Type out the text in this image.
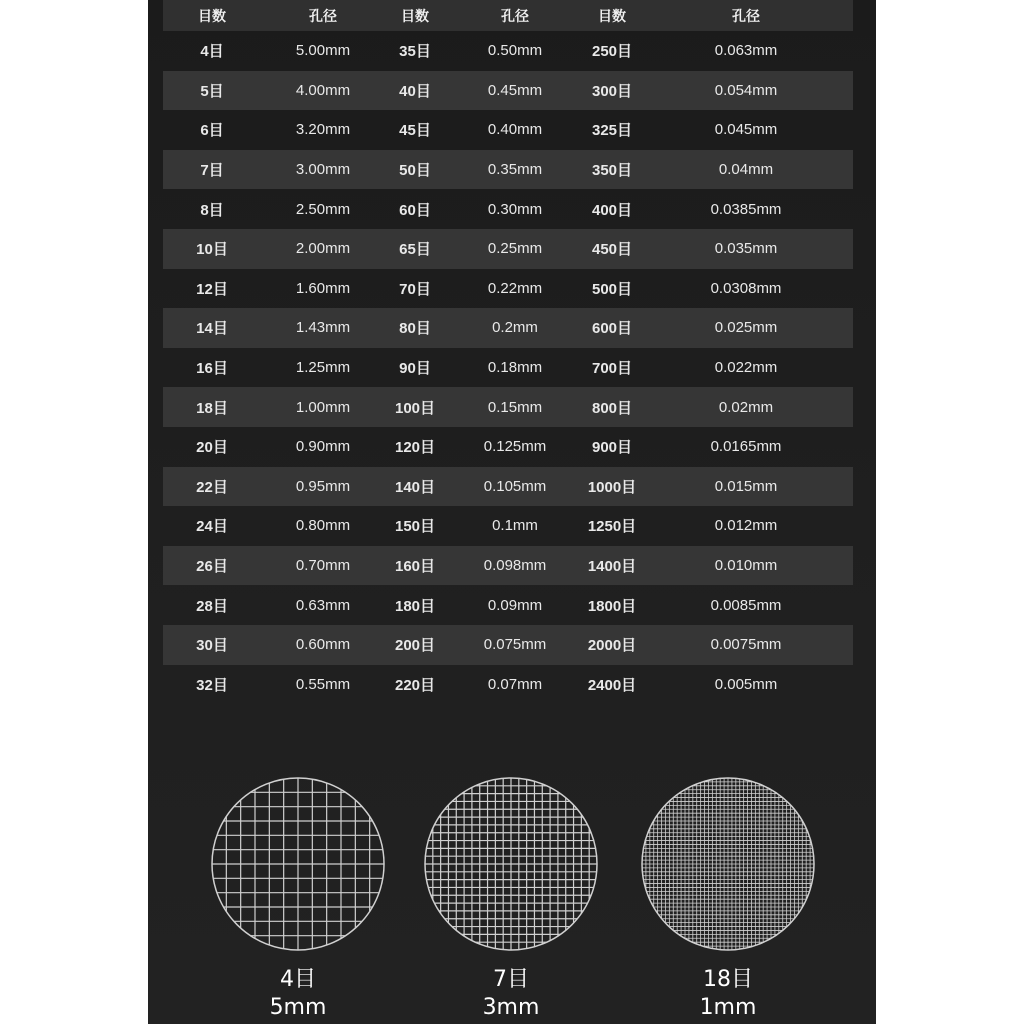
目数	孔径	目数	孔径	目数	孔径
4目	5.00mm	35目	0.50mm	250目	0.063mm
5目	4.00mm	40目	0.45mm	300目	0.054mm
6目	3.20mm	45目	0.40mm	325目	0.045mm
7目	3.00mm	50目	0.35mm	350目	0.04mm
8目	2.50mm	60目	0.30mm	400目	0.0385mm
10目	2.00mm	65目	0.25mm	450目	0.035mm
12目	1.60mm	70目	0.22mm	500目	0.0308mm
14目	1.43mm	80目	0.2mm	600目	0.025mm
16目	1.25mm	90目	0.18mm	700目	0.022mm
18目	1.00mm	100目	0.15mm	800目	0.02mm
20目	0.90mm	120目	0.125mm	900目	0.0165mm
22目	0.95mm	140目	0.105mm	1000目	0.015mm
24目	0.80mm	150目	0.1mm	1250目	0.012mm
26目	0.70mm	160目	0.098mm	1400目	0.010mm
28目	0.63mm	180目	0.09mm	1800目	0.0085mm
30目	0.60mm	200目	0.075mm	2000目	0.0075mm
32目	0.55mm	220目	0.07mm	2400目	0.005mm
4目
5mm
7目
3mm
18目
1mm
